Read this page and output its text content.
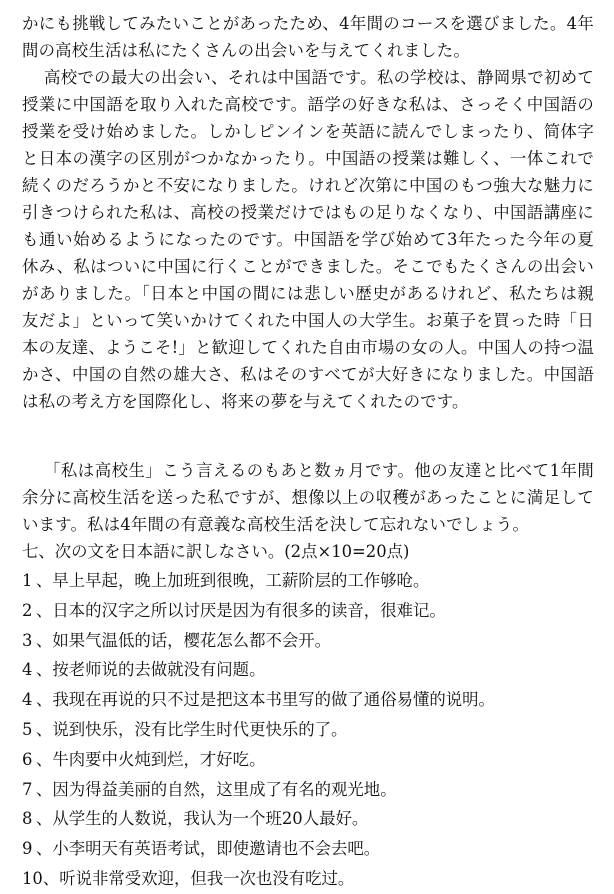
かにも挑戦してみたいことがあったため、4年間のコースを選びました。4年間の高校生活は私にたくさんの出会いを与えてくれました。

高校での最大の出会い、それは中国語です。私の学校は、静岡県で初めて授業に中国語を取り入れた高校です。語学の好きな私は、さっそく中国語の授業を受け始めました。しかしピンインを英語に読んでしまったり、简体字と日本の漢字の区別がつかなかったり。中国語の授業は難しく、一体これで続くのだろうかと不安になりました。けれど次第に中国のもつ強大な魅力に引きつけられた私は、高校の授業だけではもの足りなくなり、中国語講座にも通い始めるようになったのです。中国語を学び始めて3年たった今年の夏休み、私はついに中国に行くことができました。そこでもたくさんの出会いがありました。「日本と中国の間には悲しい歴史があるけれど、私たちは親友だよ」といって笑いかけてくれた中国人の大学生。お菓子を買った時「日本の友達、ようこそ!」と歓迎してくれた自由市場の女の人。中国人の持つ温かさ、中国の自然の雄大さ、私はそのすべてが大好きになりました。中国語は私の考え方を国際化し、将来の夢を与えてくれたのです。

「私は高校生」こう言えるのもあと数ヵ月です。他の友達と比べて1年間余分に高校生活を送った私ですが、想像以上の収穫があったことに満足しています。私は4年間の有意義な高校生活を決して忘れないでしょう。

七、次の文を日本語に訳しなさい。(2点×10=20点)

1 、早上早起，晚上加班到很晚，工薪阶层的工作够呛。
2 、日本的汉字之所以讨厌是因为有很多的读音，很难记。
3 、如果气温低的话，樱花怎么都不会开。
4 、按老师说的去做就没有问题。
4 、我现在再说的只不过是把这本书里写的做了通俗易懂的说明。
5 、说到快乐，没有比学生时代更快乐的了。
6 、牛肉要中火炖到烂，才好吃。
7 、因为得益美丽的自然，这里成了有名的观光地。
8 、从学生的人数说，我认为一个班20人最好。
9 、小李明天有英语考试，即使邀请也不会去吧。
10、听说非常受欢迎，但我一次也没有吃过。
